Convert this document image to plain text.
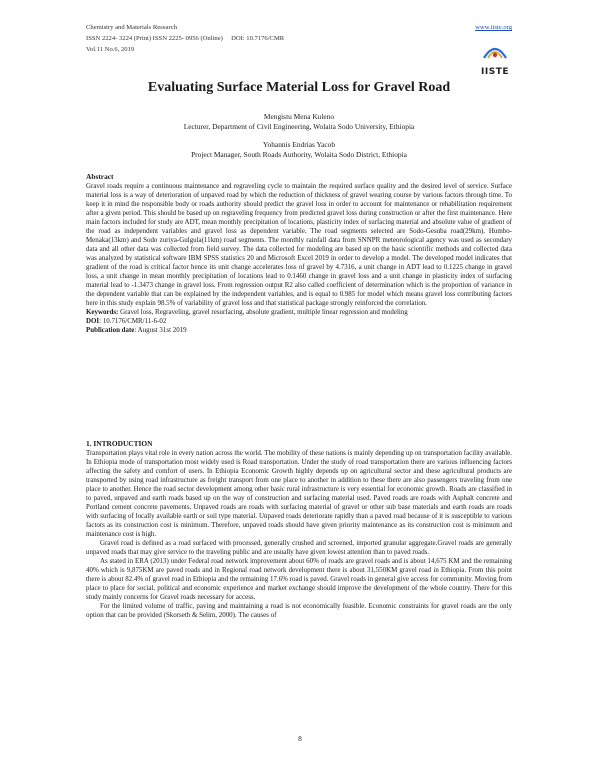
Chemistry and Materials Research
ISSN 2224- 3224 (Print) ISSN 2225- 0956 (Online) DOI: 10.7176/CMR
Vol.11 No.6, 2019
www.iiste.org
IISTE
Evaluating Surface Material Loss for Gravel Road
Mengistu Mena Kuleno
Lecturer, Department of Civil Engineering, Wolaita Sodo University, Ethiopia
Yohannis Endrias Yacob
Project Manager, South Roads Authority, Wolaita Sodo District, Ethiopia
Abstract

Gravel roads require a continuous maintenance and regraveling cycle to maintain the required surface quality and the desired level of service. Surface material loss is a way of deterioration of unpaved road by which the reduction of thickness of gravel wearing course by various factors through time. To keep it in mind the responsible body or roads authority should predict the gravel loss in order to account for maintenance or rehabilitation requirement after a given period. This should be based up on regraveling frequency from predicted gravel loss during construction or after the first maintenance. Here main factors included for study are ADT, mean monthly precipitation of locations, plasticity index of surfacing material and absolute value of gradient of the road as independent variables and gravel loss as dependent variable. The road segments selected are Sodo-Gesuba road(29km), Humbo-Menaka(13km) and Sodo zuriya-Gulgula(11km) road segments. The monthly rainfall data from SNNPR meteorological agency was used as secondary data and all other data was collected from field survey. The data collected for modeling are based up on the basic scientific methods and collected data was analyzed by statistical software IBM SPSS statistics 20 and Microsoft Excel 2019 in order to develop a model. The developed model indicates that gradient of the road is critical factor hence its unit change accelerates loss of gravel by 4.7316, a unit change in ADT lead to 0.1225 change in gravel loss, a unit change in mean monthly precipitation of locations lead to 0.1460 change in gravel loss and a unit change in plasticity index of surfacing material lead to -1.3473 change in gravel loss. From regression output R2 also called coefficient of determination which is the proportion of variance in the dependent variable that can be explained by the independent variables, and is equal to 0.985 for model which means gravel loss contributing factors here in this study explain 98.5% of variability of gravel loss and that statistical package strongly reinforced the correlation.

Keywords: Gravel loss, Regraveling, gravel resurfacing, absolute gradient, multiple linear regression and modeling

DOI: 10.7176/CMR/11-6-02

Publication date: August 31st 2019

1. INTRODUCTION

Transportation plays vital role in every nation across the world. The mobility of these nations is mainly depending up on transportation facility available. In Ethiopia mode of transportation most widely used is Road transportation. Under the study of road transportation there are various influencing factors affecting the safety and comfort of users. In Ethiopia Economic Growth highly depends up on agricultural sector and these agricultural products are transported by using road infrastructure as freight transport from one place to another in addition to these there are also passengers traveling from one place to another. Hence the road sector development among other basic rural infrastructure is very essential for economic growth. Roads are classified in to paved, unpaved and earth roads based up on the way of construction and surfacing material used. Paved roads are roads with Asphalt concrete and Portland cement concrete pavements. Unpaved roads are roads with surfacing material of gravel or other sub base materials and earth roads are roads with surfacing of locally available earth or soil type material. Unpaved roads deteriorate rapidly than a paved road because of it is susceptible to various factors as its construction cost is minimum. Therefore, unpaved roads should have given priority maintenance as its construction cost is minimum and maintenance cost is high.

Gravel road is defined as a road surfaced with processed, generally crushed and screened, imported granular aggregate.Gravel roads are generally unpaved roads that may give service to the traveling public and are usually have given lowest attention than to paved roads.

As stated in ERA (2013) under Federal road network improvement about 60% of roads are gravel roads and is about 14,675 KM and the remaining 40% which is 9,875KM are paved roads and in Regional road network development there is about 31,550KM gravel road in Ethiopia. From this point there is about 82.4% of gravel road in Ethiopia and the remaining 17.6% road is paved. Gravel roads in general give access for community. Moving from place to place for social, political and economic experience and market exchange should improve the development of the whole country. There for this study mainly concerns for Gravel roads necessary for access.

For the limited volume of traffic, paving and maintaining a road is not economically feasible. Economic constraints for gravel roads are the only option that can be provided (Skorseth & Selim, 2000). The causes of

8
